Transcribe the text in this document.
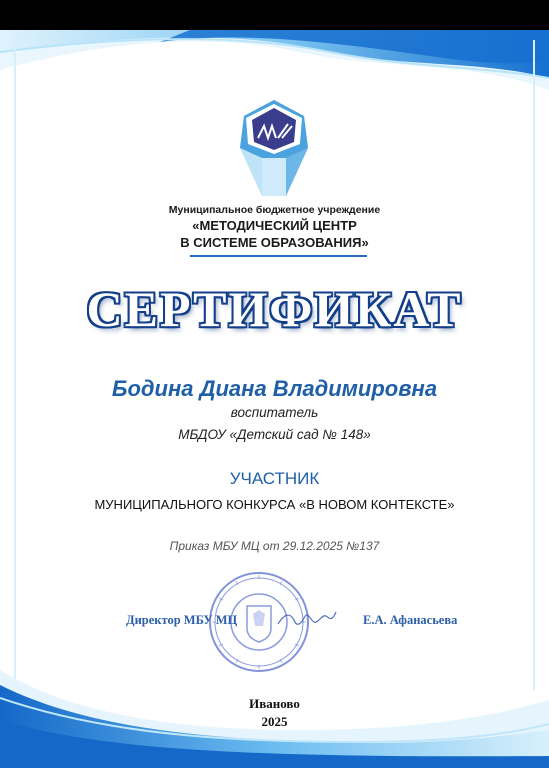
Муниципальное бюджетное учреждение
«МЕТОДИЧЕСКИЙ ЦЕНТР
В СИСТЕМЕ ОБРАЗОВАНИЯ»
СЕРТИФИКАТ
Бодина Диана Владимировна
воспитатель
МБДОУ «Детский сад № 148»
УЧАСТНИК
МУНИЦИПАЛЬНОГО КОНКУРСА «В НОВОМ КОНТЕКСТЕ»
Приказ МБУ МЦ от 29.12.2025 №137
Директор МБУ МЦ	Е.А. Афанасьева
Иваново
2025
